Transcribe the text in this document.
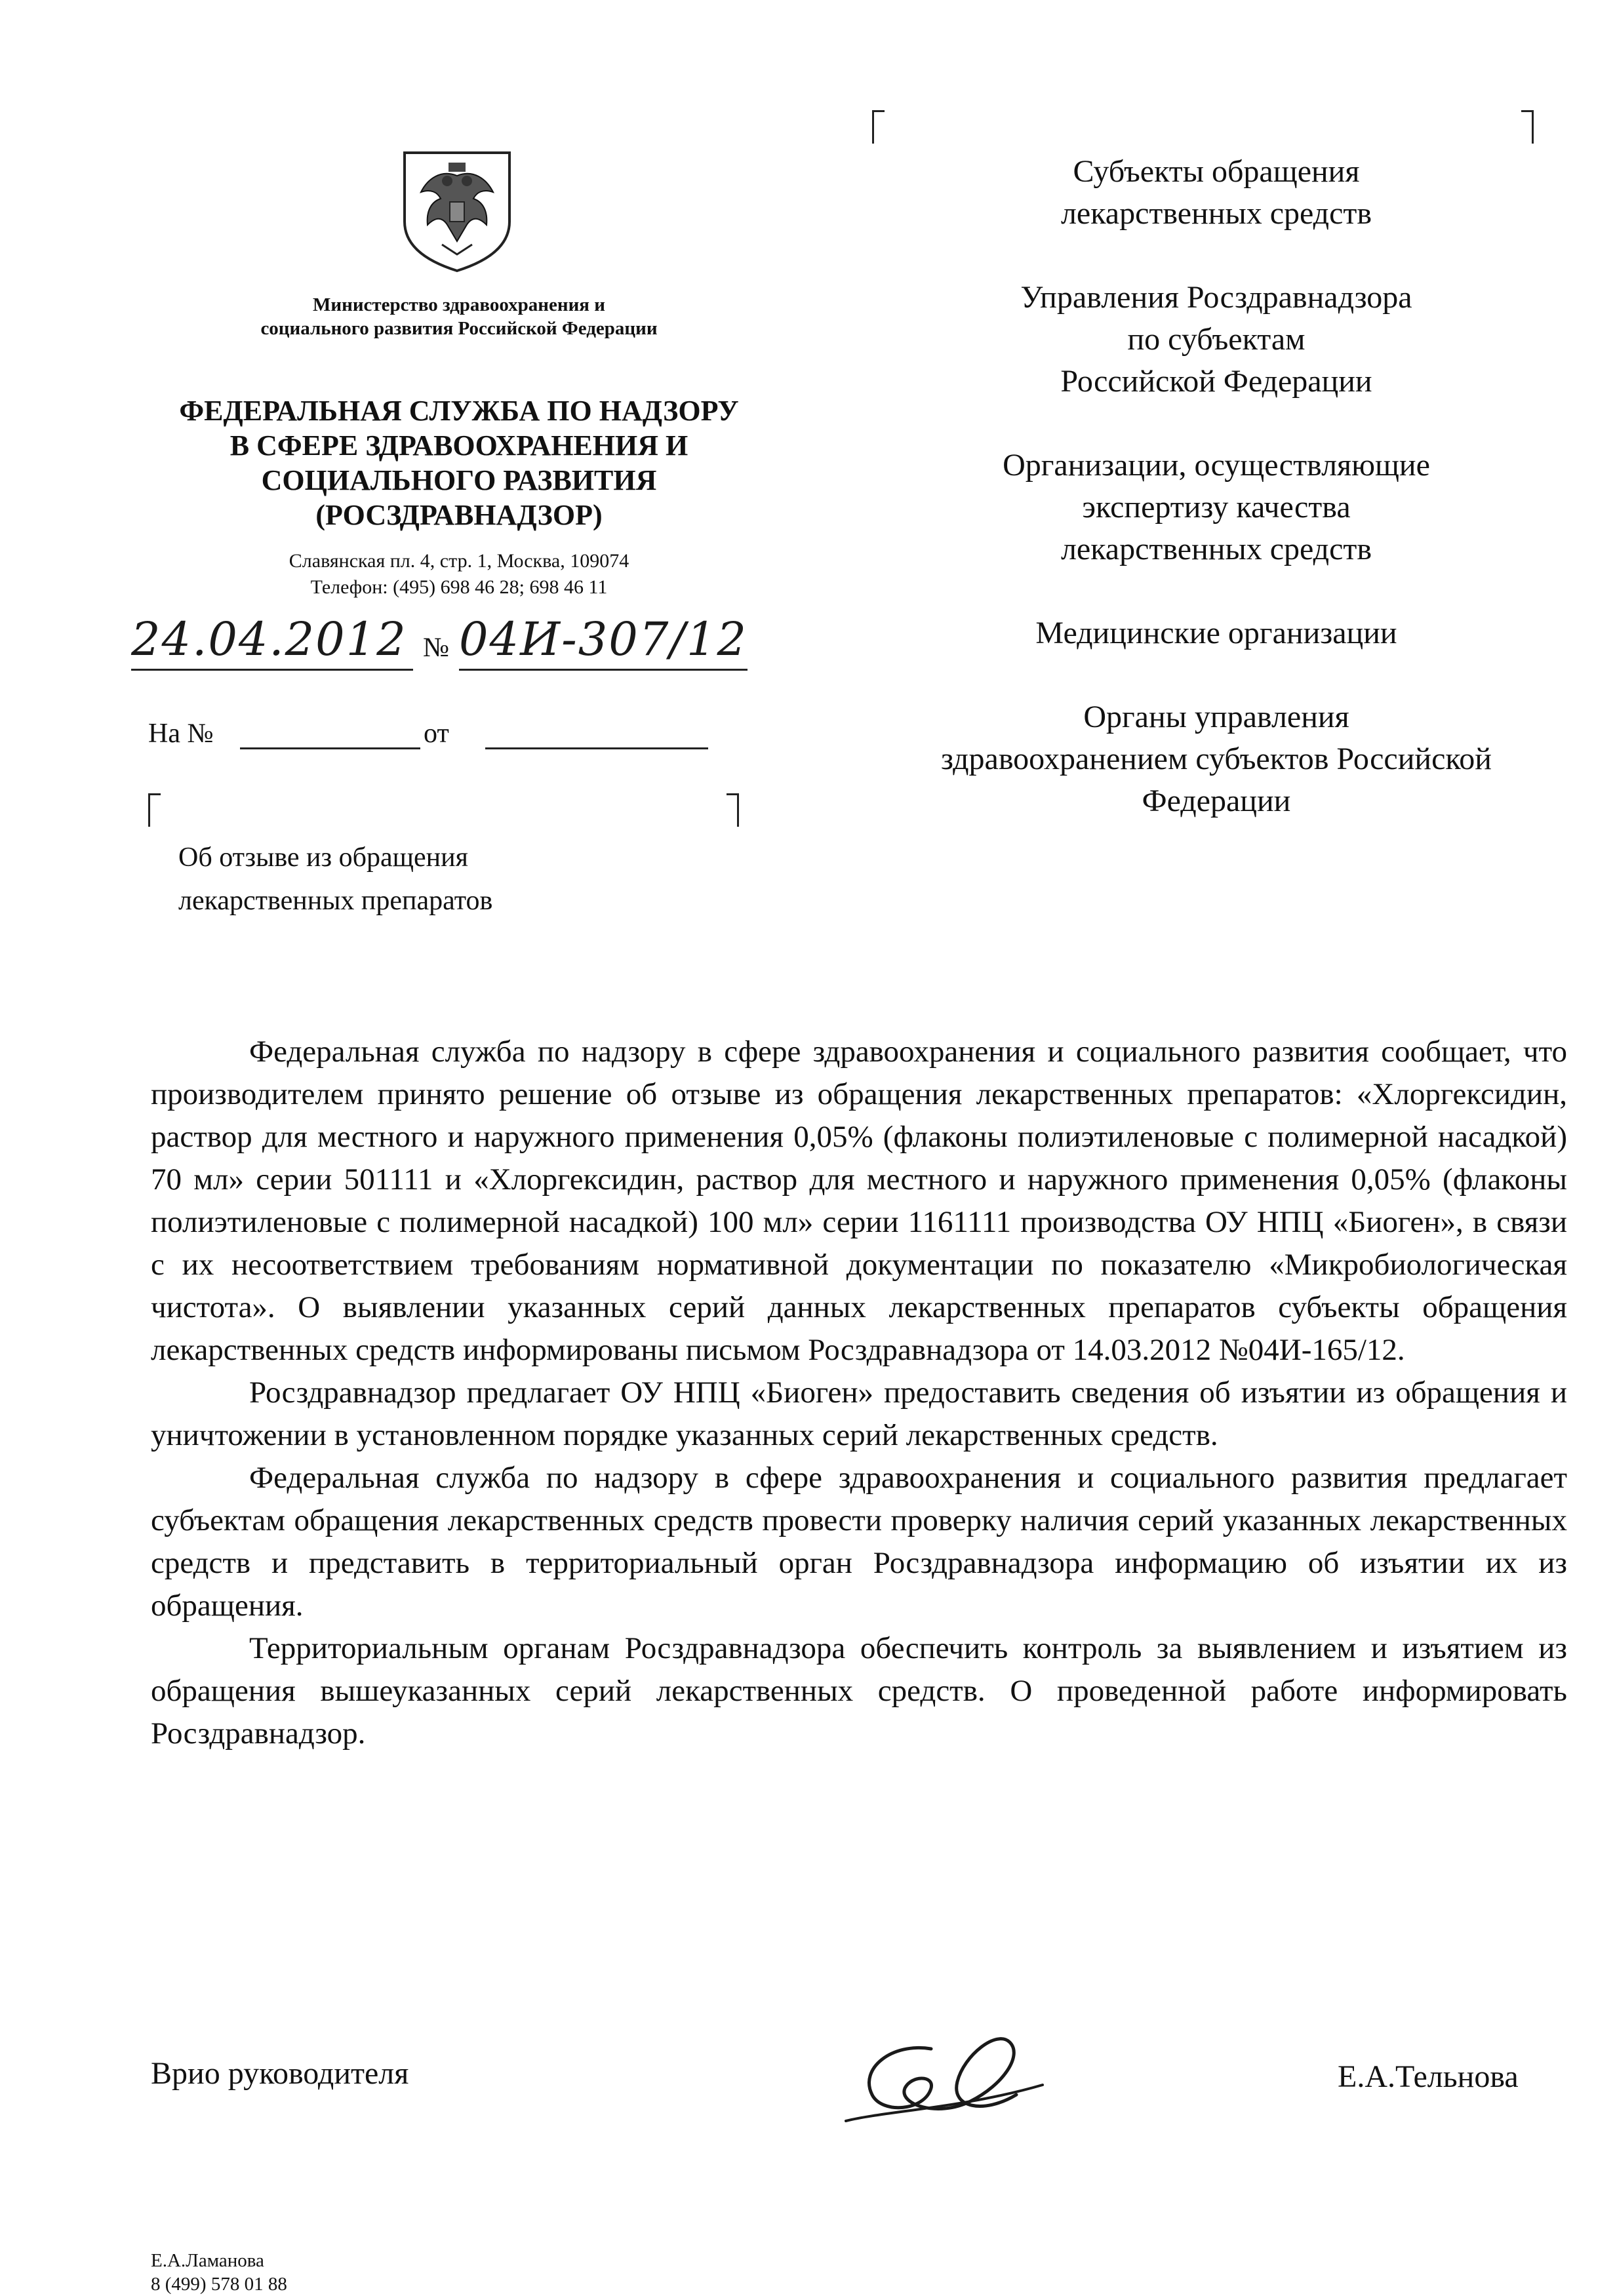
Министерство здравоохранения и
социального развития Российской Федерации
ФЕДЕРАЛЬНАЯ СЛУЖБА ПО НАДЗОРУ
В СФЕРЕ ЗДРАВООХРАНЕНИЯ И
СОЦИАЛЬНОГО РАЗВИТИЯ
(РОСЗДРАВНАДЗОР)
Славянская пл. 4, стр. 1, Москва, 109074
Телефон: (495) 698 46 28; 698 46 11
24.04.2012 № 04И-307/12
На №	от
Об отзыве из обращения
лекарственных препаратов
Субъекты обращения
лекарственных средств
Управления Росздравнадзора
по субъектам
Российской Федерации
Организации, осуществляющие
экспертизу качества
лекарственных средств
Медицинские организации
Органы управления
здравоохранением субъектов Российской
Федерации

Федеральная служба по надзору в сфере здравоохранения и социального развития сообщает, что производителем принято решение об отзыве из обращения лекарственных препаратов: «Хлоргексидин, раствор для местного и наружного применения 0,05% (флаконы полиэтиленовые с полимерной насадкой) 70 мл» серии 501111 и «Хлоргексидин, раствор для местного и наружного применения 0,05% (флаконы полиэтиленовые с полимерной насадкой) 100 мл» серии 1161111 производства ОУ НПЦ «Биоген», в связи с их несоответствием требованиям нормативной документации по показателю «Микробиологическая чистота». О выявлении указанных серий данных лекарственных препаратов субъекты обращения лекарственных средств информированы письмом Росздравнадзора от 14.03.2012 №04И-165/12.

Росздравнадзор предлагает ОУ НПЦ «Биоген» предоставить сведения об изъятии из обращения и уничтожении в установленном порядке указанных серий лекарственных средств.

Федеральная служба по надзору в сфере здравоохранения и социального развития предлагает субъектам обращения лекарственных средств провести проверку наличия серий указанных лекарственных средств и представить в территориальный орган Росздравнадзора информацию об изъятии их из обращения.

Территориальным органам Росздравнадзора обеспечить контроль за выявлением и изъятием из обращения вышеуказанных серий лекарственных средств. О проведенной работе информировать Росздравнадзор.

Врио руководителя	Е.А.Тельнова
Е.А.Ламанова
8 (499) 578 01 88
